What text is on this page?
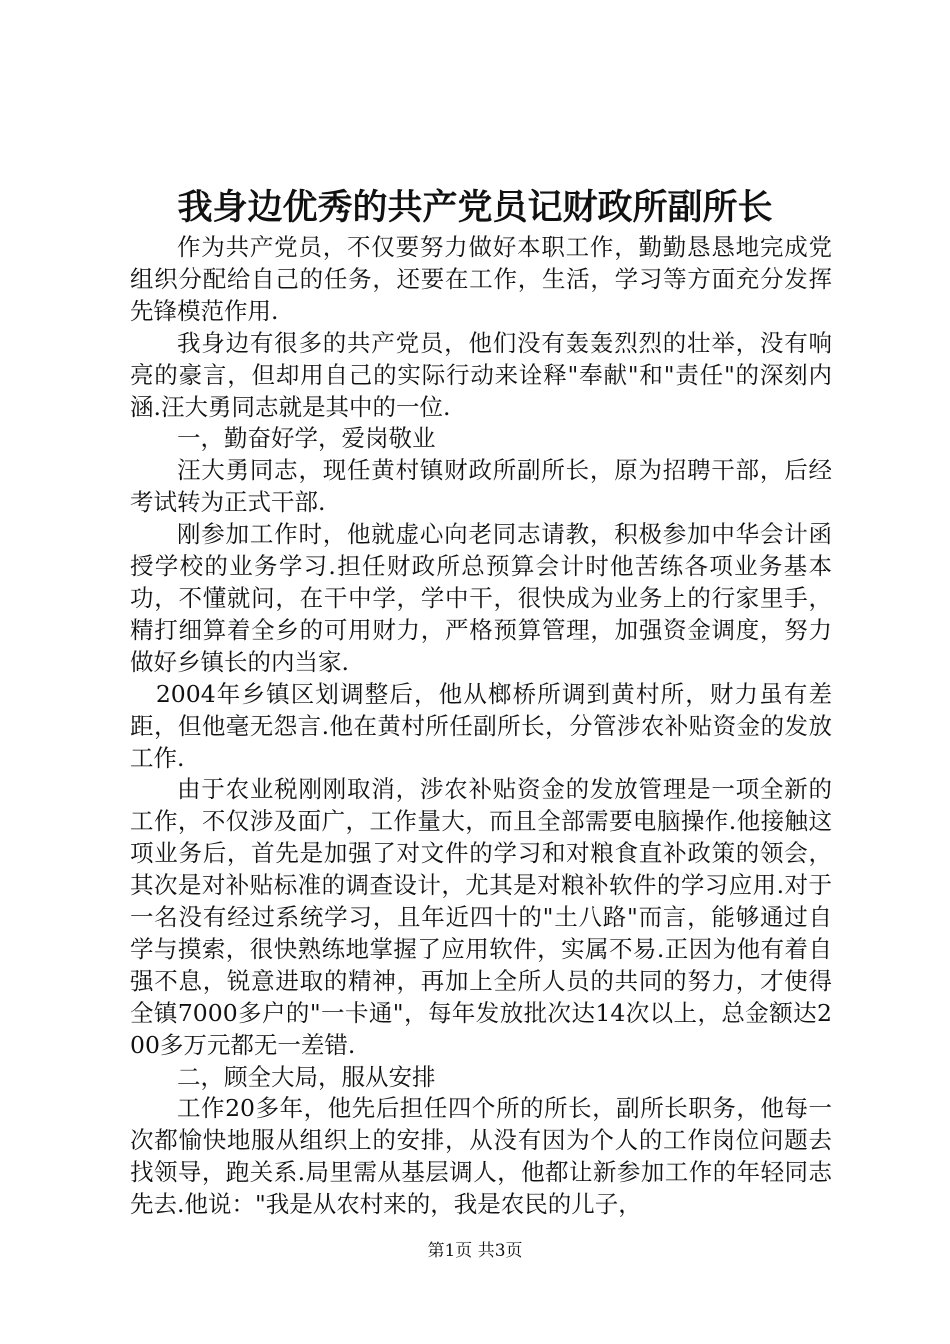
我身边优秀的共产党员记财政所副所长

作为共产党员，不仅要努力做好本职工作，勤勤恳恳地完成党组织分配给自己的任务，还要在工作，生活，学习等方面充分发挥先锋模范作用.

我身边有很多的共产党员，他们没有轰轰烈烈的壮举，没有响亮的豪言，但却用自己的实际行动来诠释"奉献"和"责任"的深刻内涵.汪大勇同志就是其中的一位.

一，勤奋好学，爱岗敬业

汪大勇同志，现任黄村镇财政所副所长，原为招聘干部，后经考试转为正式干部.

刚参加工作时，他就虚心向老同志请教，积极参加中华会计函授学校的业务学习.担任财政所总预算会计时他苦练各项业务基本功，不懂就问，在干中学，学中干，很快成为业务上的行家里手，精打细算着全乡的可用财力，严格预算管理，加强资金调度，努力做好乡镇长的内当家.

2004年乡镇区划调整后，他从榔桥所调到黄村所，财力虽有差距，但他毫无怨言.他在黄村所任副所长，分管涉农补贴资金的发放工作.

由于农业税刚刚取消，涉农补贴资金的发放管理是一项全新的工作，不仅涉及面广，工作量大，而且全部需要电脑操作.他接触这项业务后，首先是加强了对文件的学习和对粮食直补政策的领会，其次是对补贴标准的调查设计，尤其是对粮补软件的学习应用.对于一名没有经过系统学习，且年近四十的"土八路"而言，能够通过自学与摸索，很快熟练地掌握了应用软件，实属不易.正因为他有着自强不息，锐意进取的精神，再加上全所人员的共同的努力，才使得全镇7000多户的"一卡通"，每年发放批次达14次以上，总金额达200多万元都无一差错.

二，顾全大局，服从安排

工作20多年，他先后担任四个所的所长，副所长职务，他每一次都愉快地服从组织上的安排，从没有因为个人的工作岗位问题去找领导，跑关系.局里需从基层调人，他都让新参加工作的年轻同志先去.他说："我是从农村来的，我是农民的儿子，

第1页 共3页
